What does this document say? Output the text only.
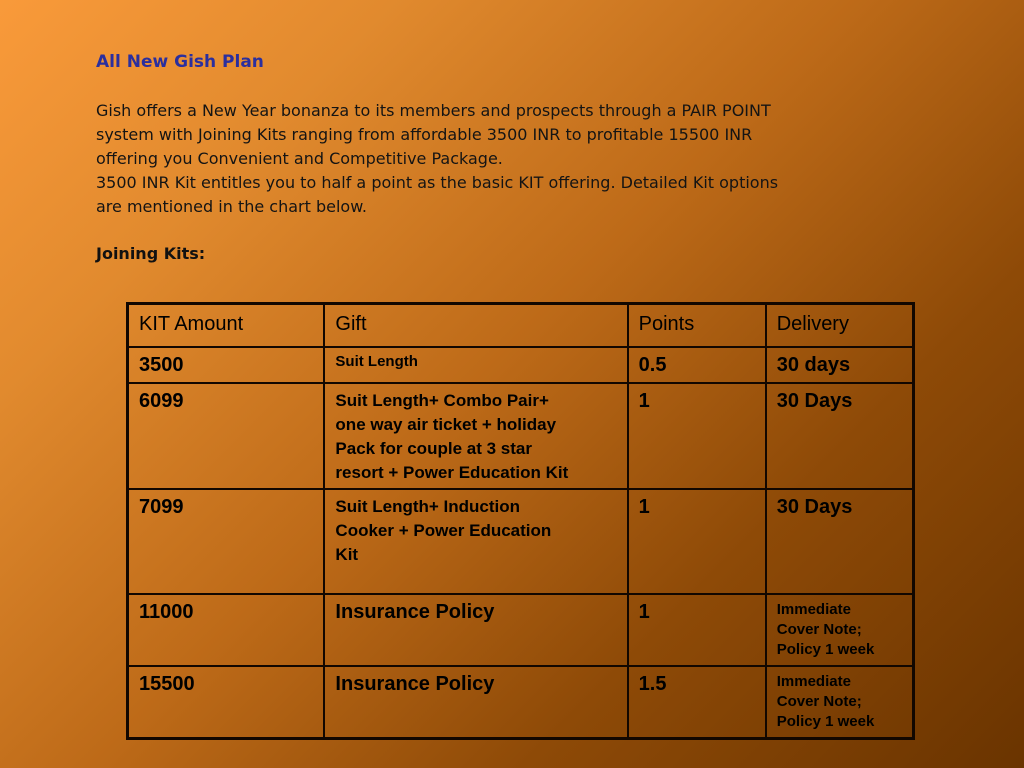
All New Gish Plan

Gish offers a New Year bonanza to its members and prospects through a PAIR POINT

system with Joining Kits ranging from affordable 3500 INR to profitable 15500 INR

offering you Convenient and Competitive Package.

3500 INR Kit entitles you to half a point as the basic KIT offering. Detailed Kit options

are mentioned in the chart below.

Joining Kits:
KIT Amount	Gift	Points	Delivery
3500	Suit Length	0.5	30 days
6099	Suit Length+ Combo Pair+
one way air ticket + holiday
Pack for couple at 3 star
resort + Power Education Kit	1	30 Days
7099	Suit Length+ Induction
Cooker + Power Education
Kit	1	30 Days
11000	Insurance Policy	1	Immediate
Cover Note;
Policy 1 week

15500	Insurance Policy	1.5	Immediate
Cover Note;
Policy 1 week
